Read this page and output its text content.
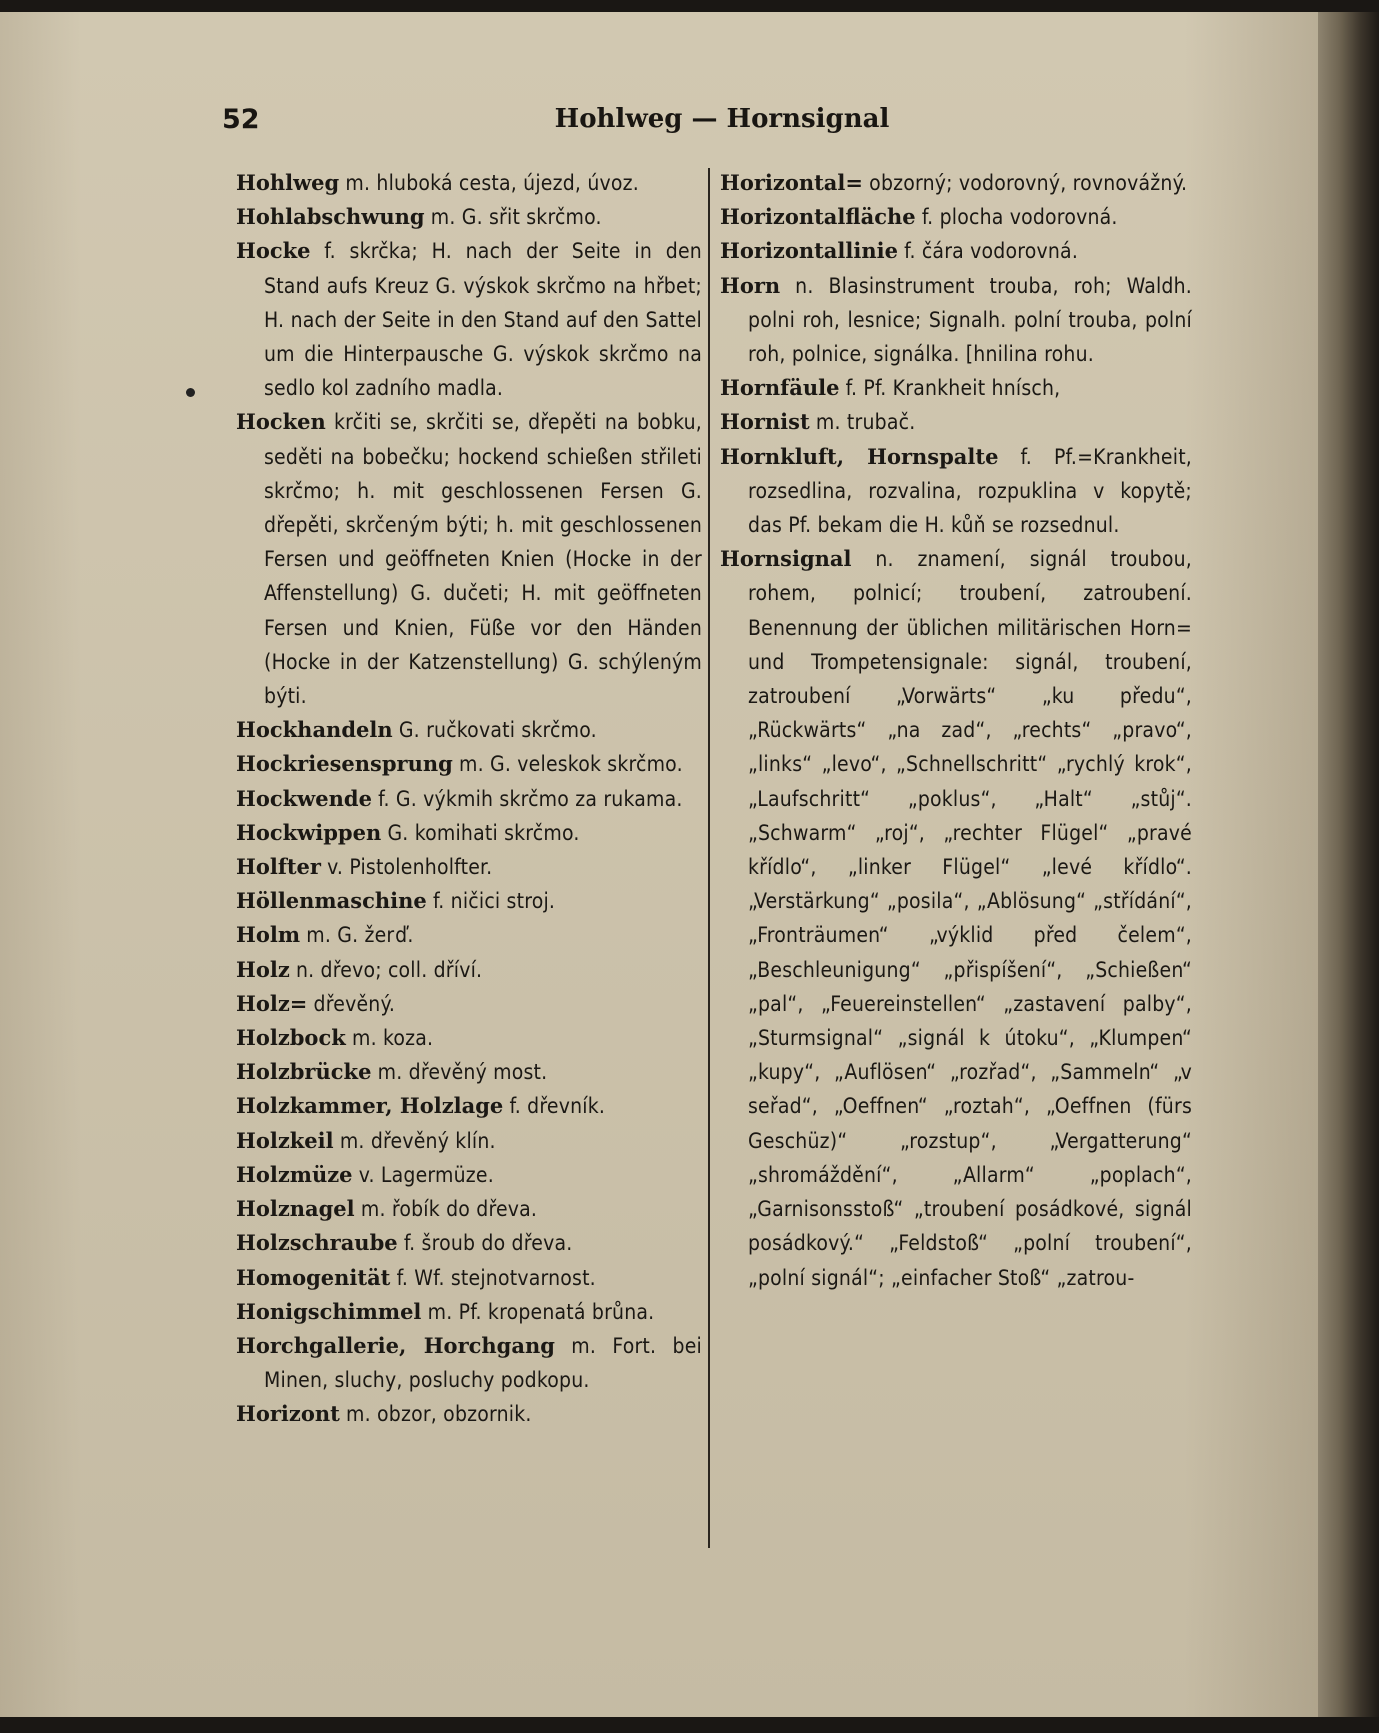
52	Hohlweg — Hornsignal
Hohlweg m. hluboká cesta, újezd, úvoz.
Hohlabschwung m. G. sřit skrčmo.
Hocke f. skrčka; H. nach der Seite in den Stand aufs Kreuz G. výskok skrčmo na hřbet; H. nach der Seite in den Stand auf den Sattel um die Hinterpausche G. výskok skrčmo na sedlo kol zadního madla.
Hocken krčiti se, skrčiti se, dřepěti na bobku, seděti na bobečku; hockend schießen střileti skrčmo; h. mit geschlossenen Fersen G. dřepěti, skrčeným býti; h. mit geschlossenen Fersen und geöffneten Knien (Hocke in der Affenstellung) G. dučeti; H. mit geöffneten Fersen und Knien, Füße vor den Händen (Hocke in der Katzenstellung) G. schýleným býti.
Hockhandeln G. ručkovati skrčmo.
Hockriesensprung m. G. veleskok skrčmo.
Hockwende f. G. výkmih skrčmo za rukama.
Hockwippen G. komihati skrčmo.
Holfter v. Pistolenholfter.
Höllenmaschine f. ničici stroj.
Holm m. G. žerď.
Holz n. dřevo; coll. dříví.
Holz= dřevěný.
Holzbock m. koza.
Holzbrücke m. dřevěný most.
Holzkammer, Holzlage f. dřevník.
Holzkeil m. dřevěný klín.
Holzmüze v. Lagermüze.
Holznagel m. řobík do dřeva.
Holzschraube f. šroub do dřeva.
Homogenität f. Wf. stejnotvarnost.
Honigschimmel m. Pf. kropenatá brůna.
Horchgallerie, Horchgang m. Fort. bei Minen, sluchy, posluchy podkopu.
Horizont m. obzor, obzornik.
Horizontal= obzorný; vodorovný, rovnovážný.
Horizontalfläche f. plocha vodorovná.
Horizontallinie f. čára vodorovná.
Horn n. Blasinstrument trouba, roh; Waldh. polni roh, lesnice; Signalh. polní trouba, polní roh, polnice, signálka. [hnilina rohu.
Hornfäule f. Pf. Krankheit hnísch,
Hornist m. trubač.
Hornkluft, Hornspalte f. Pf.=Krankheit, rozsedlina, rozvalina, rozpuklina v kopytě; das Pf. bekam die H. kůň se rozsednul.
Hornsignal n. znamení, signál troubou, rohem, polnicí; troubení, zatroubení. Benennung der üblichen militärischen Horn= und Trompetensignale: signál, troubení, zatroubení „Vorwärts“ „ku předu“, „Rückwärts“ „na zad“, „rechts“ „pravo“, „links“ „levo“, „Schnellschritt“ „rychlý krok“, „Laufschritt“ „poklus“, „Halt“ „stůj“. „Schwarm“ „roj“, „rechter Flügel“ „pravé křídlo“, „linker Flügel“ „levé křídlo“. „Verstärkung“ „posila“, „Ablösung“ „střídání“, „Fronträumen“ „výklid před čelem“, „Beschleunigung“ „přispíšení“, „Schießen“ „pal“, „Feuereinstellen“ „zastavení palby“, „Sturmsignal“ „signál k útoku“, „Klumpen“ „kupy“, „Auflösen“ „rozřad“, „Sammeln“ „v seřad“, „Oeffnen“ „roztah“, „Oeffnen (fürs Geschüz)“ „rozstup“, „Vergatterung“ „shromáždění“, „Allarm“ „poplach“, „Garnisonsstoß“ „troubení posádkové, signál posádkový.“ „Feldstoß“ „polní troubení“, „polní signál“; „einfacher Stoß“ „zatrou-
